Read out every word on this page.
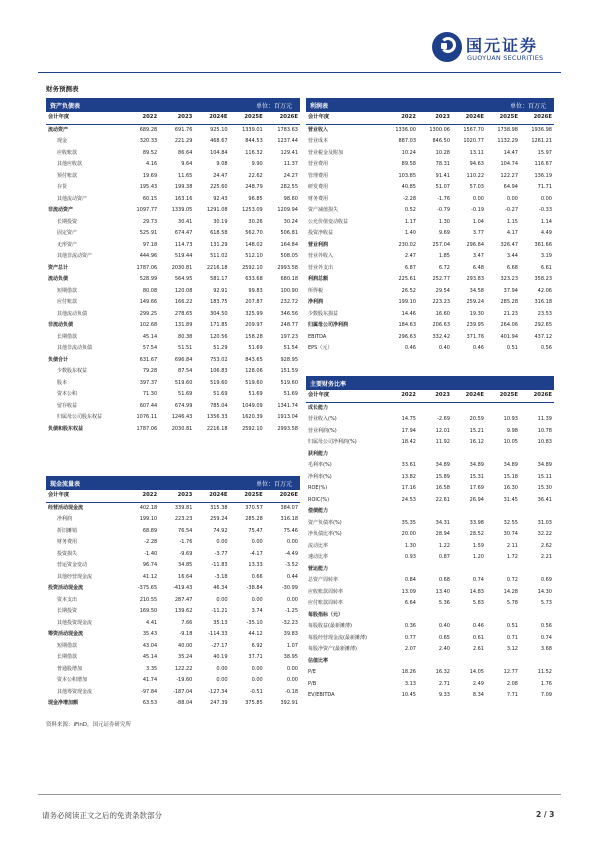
国元证券
GUOYUAN SECURITIES
财务预测表
资产负债表	单位：百万元
会计年度	2022	2023	2024E	2025E	2026E
流动资产	689.28	691.76	925.10	1339.01	1783.63
现金	320.33	221.29	468.67	844.53	1237.44
应收账款	89.52	86.64	104.84	116.32	129.41
其他应收款	4.16	9.64	9.08	9.90	11.37
预付账款	19.69	11.65	24.47	22.62	24.27
存货	195.43	199.38	225.60	248.79	282.55
其他流动资产	60.15	163.16	92.43	96.85	98.60
非流动资产	1097.77	1339.05	1291.08	1253.09	1209.94
长期投资	29.73	30.41	30.19	30.26	30.24
固定资产	525.91	674.47	618.58	562.70	506.81
无形资产	97.18	114.73	131.29	148.02	164.84
其他非流动资产	444.96	519.44	511.02	512.10	508.05
资产总计	1787.06	2030.81	2216.18	2592.10	2993.58
流动负债	528.99	564.95	581.17	633.68	680.18
短期借款	80.08	120.08	92.91	99.83	100.90
应付账款	149.66	166.22	183.75	207.87	232.72
其他流动负债	299.25	278.65	304.50	325.99	346.56
非流动负债	102.68	131.89	171.85	209.97	248.77
长期借款	45.14	80.38	120.56	158.28	197.23
其他非流动负债	57.54	51.51	51.29	51.69	51.54
负债合计	631.67	696.84	753.02	843.65	928.95
少数股东权益	79.28	87.54	106.83	128.06	151.59
股本	397.37	519.60	519.60	519.60	519.60
资本公积	71.30	51.69	51.69	51.69	51.69
留存收益	607.44	674.99	785.04	1049.09	1341.74
归属母公司股东权益	1076.11	1246.43	1356.33	1620.39	1913.04
负债和股东权益	1787.06	2030.81	2216.18	2592.10	2993.58
利润表	单位：百万元
会计年度	2022	2023	2024E	2025E	2026E
营业收入	1336.00	1300.06	1567.70	1738.98	1936.98
营业成本	887.03	846.50	1020.77	1132.29	1261.21
营业税金及附加	10.24	10.28	13.11	14.47	15.97
营业费用	89.58	78.31	94.63	104.74	116.67
管理费用	103.85	91.41	110.22	122.27	136.19
研发费用	40.85	51.07	57.03	64.94	71.71
财务费用	-2.28	-1.76	0.00	0.00	0.00
资产减值损失	0.52	-0.79	-0.19	-0.27	-0.33
公允价值变动收益	1.17	1.30	1.04	1.15	1.14
投资净收益	1.40	9.69	3.77	4.17	4.49
营业利润	230.02	257.04	296.84	326.47	361.66
营业外收入	2.47	1.85	3.47	3.44	3.19
营业外支出	6.87	6.72	6.48	6.68	6.61
利润总额	225.61	252.77	293.83	323.23	358.23
所得税	26.52	29.54	34.58	37.94	42.06
净利润	199.10	223.23	259.24	285.28	316.18
少数股东损益	14.46	16.60	19.30	21.23	23.53
归属母公司净利润	184.63	206.63	239.95	264.06	292.65
EBITDA	296.63	332.42	371.76	401.94	437.12
EPS（元）	0.46	0.40	0.46	0.51	0.56
主要财务比率
会计年度	2022	2023	2024E	2025E	2026E
成长能力					
营业收入(%)	14.75	-2.69	20.59	10.93	11.39
营业利润(%)	17.94	12.01	15.21	9.98	10.78
归属母公司净利润(%)	18.42	11.92	16.12	10.05	10.83
获利能力					
毛利率(%)	33.61	34.89	34.89	34.89	34.89
净利率(%)	13.82	15.89	15.31	15.18	15.11
ROE(%)	17.16	16.58	17.69	16.30	15.30
ROIC(%)	24.53	22.61	26.94	31.45	36.41
偿债能力					
资产负债率(%)	35.35	34.31	33.98	32.55	31.03
净负债比率(%)	20.00	28.94	28.52	30.74	32.22
流动比率	1.30	1.22	1.59	2.11	2.62
速动比率	0.93	0.87	1.20	1.72	2.21
营运能力					
总资产周转率	0.84	0.68	0.74	0.72	0.69
应收账款周转率	13.09	13.40	14.83	14.28	14.30
应付账款周转率	6.64	5.36	5.83	5.78	5.73
每股指标（元）					
每股收益(最新摊薄)	0.36	0.40	0.46	0.51	0.56
每股经营现金流(最新摊薄)	0.77	0.65	0.61	0.71	0.74
每股净资产(最新摊薄)	2.07	2.40	2.61	3.12	3.68
估值比率					
P/E	18.26	16.32	14.05	12.77	11.52
P/B	3.13	2.71	2.49	2.08	1.76
EV/EBITDA	10.45	9.33	8.34	7.71	7.09
现金流量表	单位：百万元
会计年度	2022	2023	2024E	2025E	2026E
经营活动现金流	402.18	339.81	315.38	370.57	384.07
净利润	199.10	223.23	259.24	285.28	316.18
折旧摊销	68.89	76.54	74.92	75.47	75.46
财务费用	-2.28	-1.76	0.00	0.00	0.00
投资损失	-1.40	-9.69	-3.77	-4.17	-4.49
营运资金变动	96.74	34.85	-11.83	13.33	-3.52
其他经营现金流	41.12	16.64	-3.18	0.66	0.44
投资活动现金流	-375.65	-419.43	46.34	-38.84	-30.99
资本支出	210.55	287.47	0.00	0.00	0.00
长期投资	169.50	139.62	-11.21	3.74	-1.25
其他投资现金流	4.41	7.66	35.13	-35.10	-32.23
筹资活动现金流	35.43	-9.18	-114.33	44.12	39.83
短期借款	43.04	40.00	-27.17	6.92	1.07
长期借款	45.14	35.24	40.19	37.71	38.95
普通股增加	3.35	122.22	0.00	0.00	0.00
资本公积增加	41.74	-19.60	0.00	0.00	0.00
其他筹资现金流	-97.84	-187.04	-127.34	-0.51	-0.18
现金净增加额	63.53	-88.04	247.39	375.85	392.91
资料来源：iFinD，国元证券研究所
请务必阅读正文之后的免责条款部分	2 / 3
